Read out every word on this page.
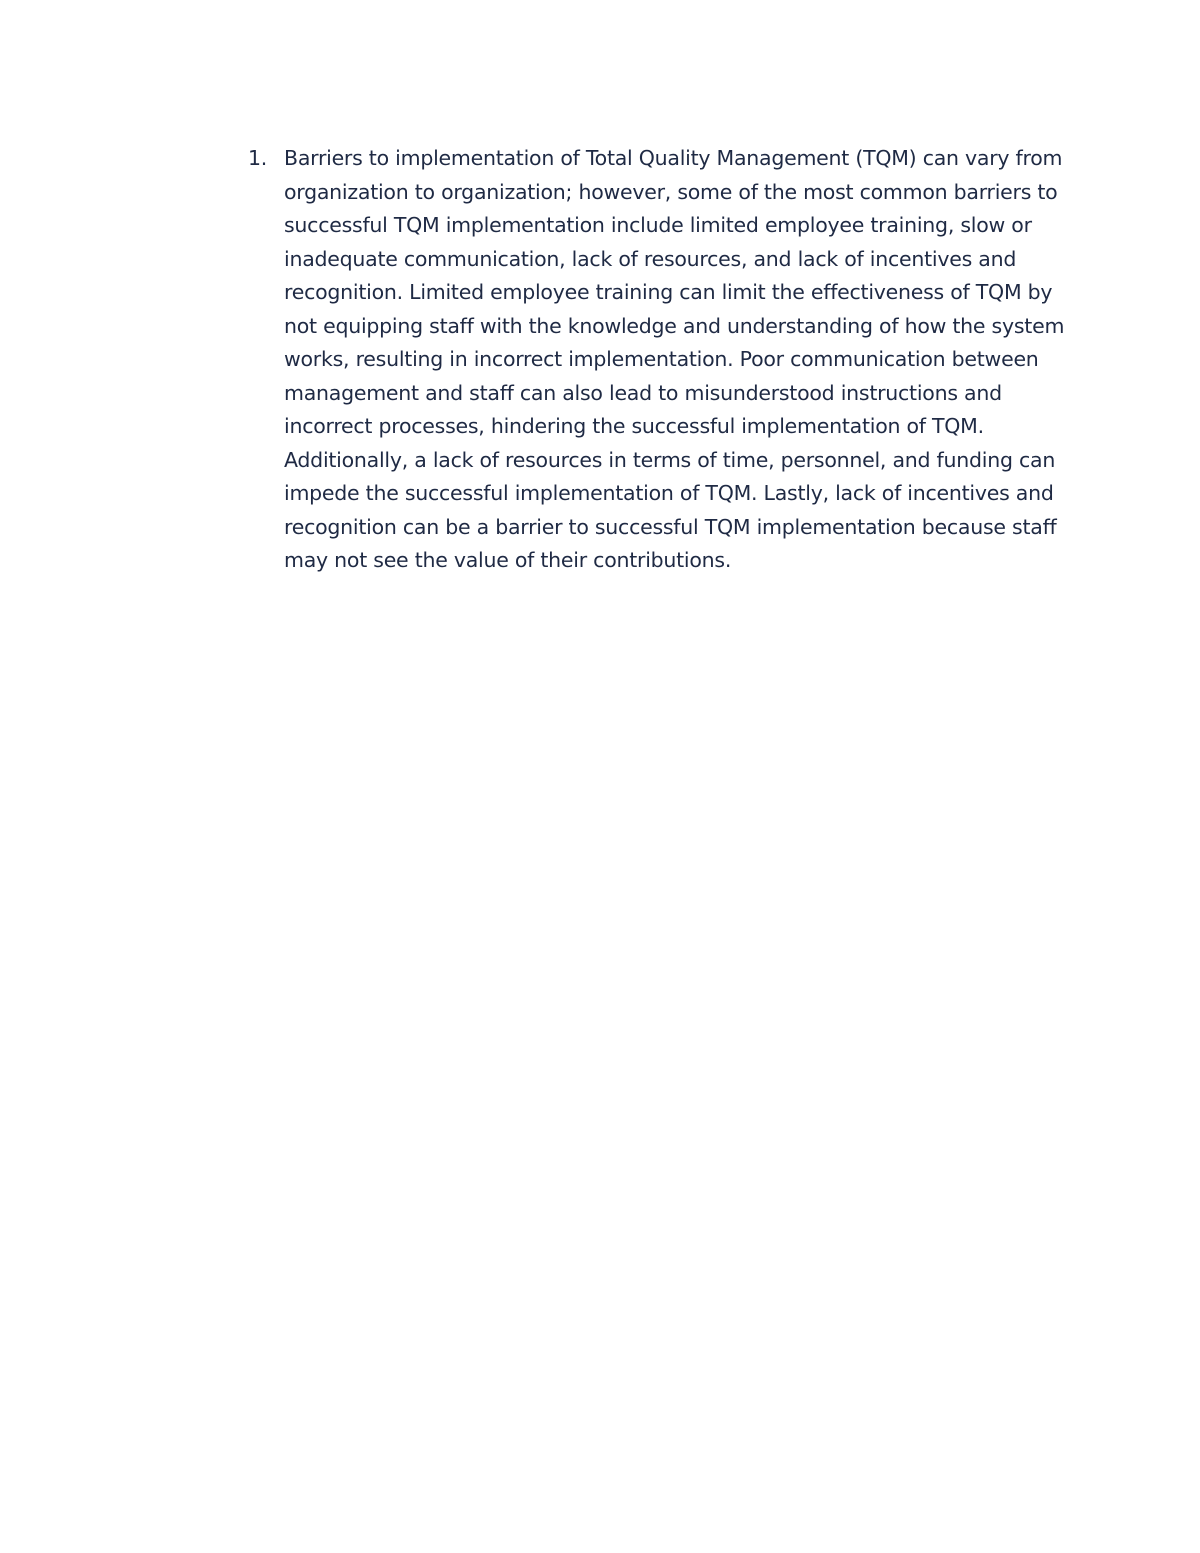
1. Barriers to implementation of Total Quality Management (TQM) can vary from organization to organization; however, some of the most common barriers to successful TQM implementation include limited employee training, slow or inadequate communication, lack of resources, and lack of incentives and recognition. Limited employee training can limit the effectiveness of TQM by not equipping staff with the knowledge and understanding of how the system works, resulting in incorrect implementation. Poor communication between management and staff can also lead to misunderstood instructions and incorrect processes, hindering the successful implementation of TQM. Additionally, a lack of resources in terms of time, personnel, and funding can impede the successful implementation of TQM. Lastly, lack of incentives and recognition can be a barrier to successful TQM implementation because staff may not see the value of their contributions.
